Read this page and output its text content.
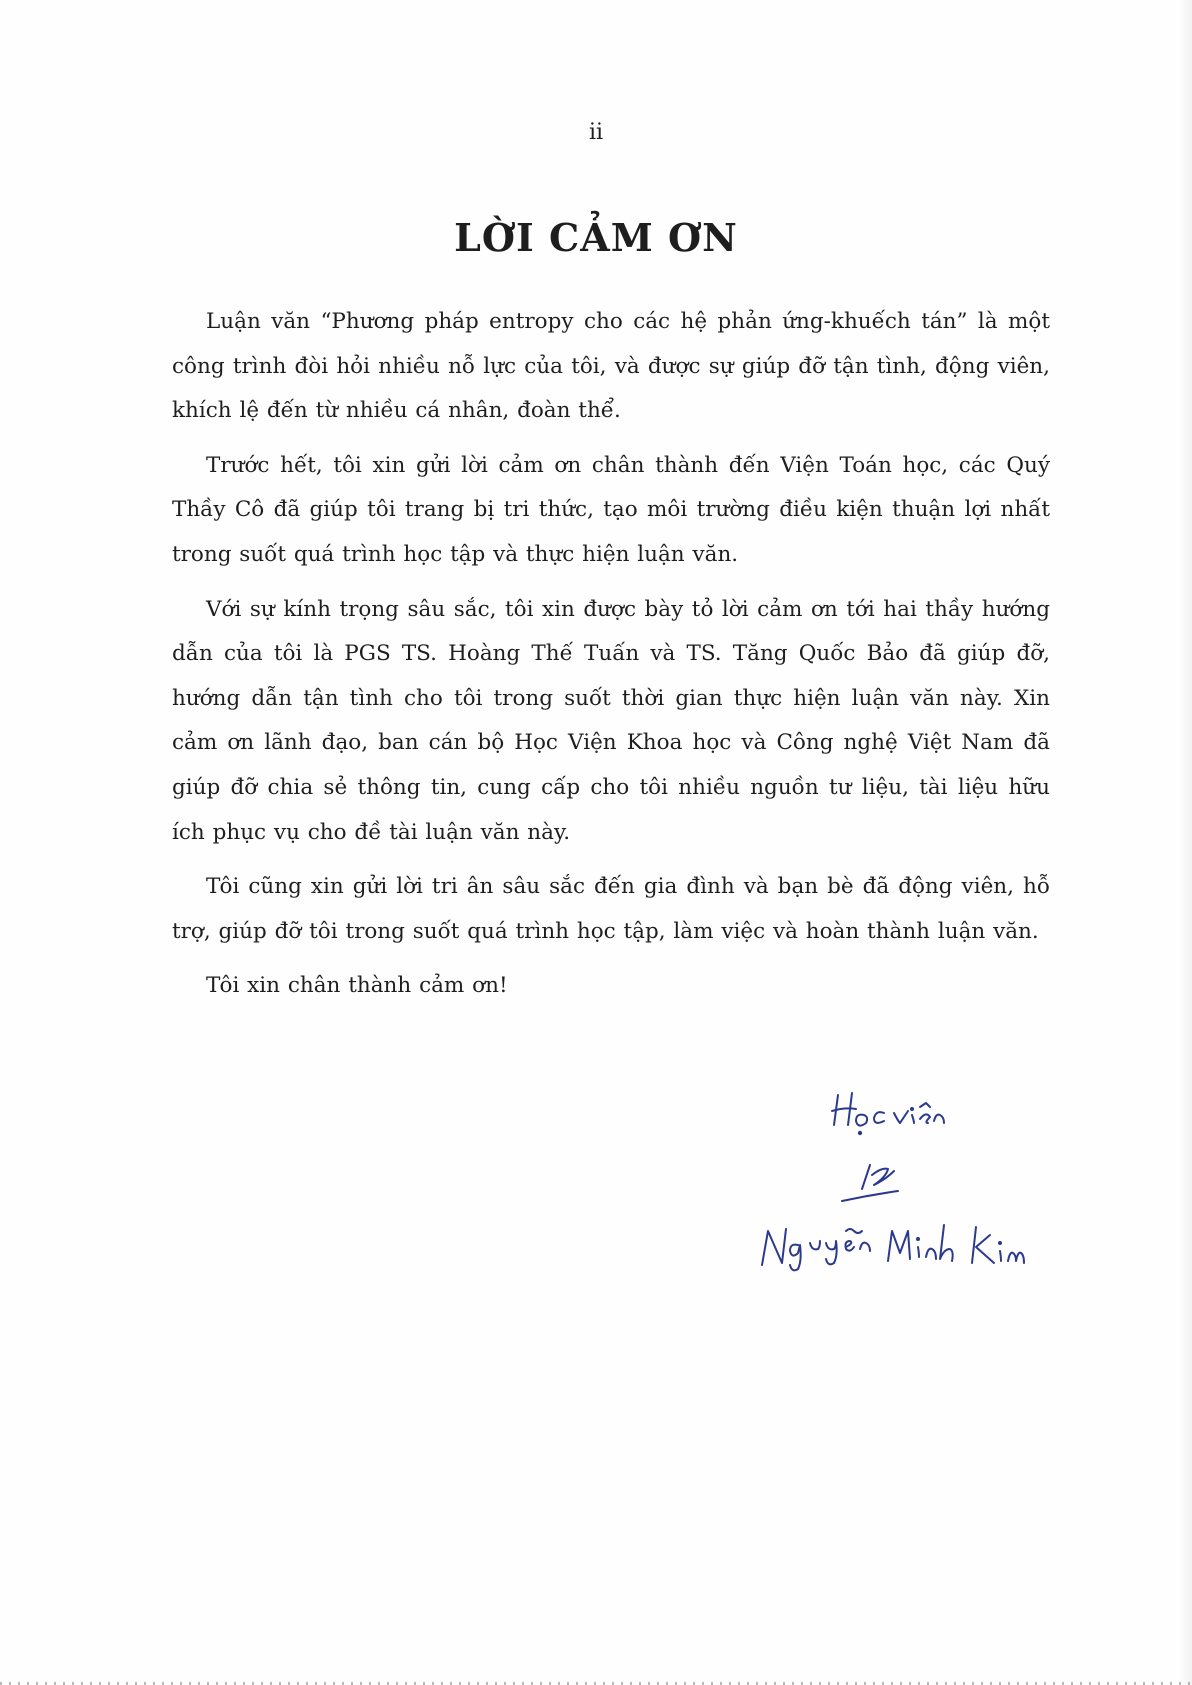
ii
LỜI CẢM ƠN

Luận văn “Phương pháp entropy cho các hệ phản ứng-khuếch tán” là một công trình đòi hỏi nhiều nỗ lực của tôi, và được sự giúp đỡ tận tình, động viên, khích lệ đến từ nhiều cá nhân, đoàn thể.

Trước hết, tôi xin gửi lời cảm ơn chân thành đến Viện Toán học, các Quý Thầy Cô đã giúp tôi trang bị tri thức, tạo môi trường điều kiện thuận lợi nhất trong suốt quá trình học tập và thực hiện luận văn.

Với sự kính trọng sâu sắc, tôi xin được bày tỏ lời cảm ơn tới hai thầy hướng dẫn của tôi là PGS TS. Hoàng Thế Tuấn và TS. Tăng Quốc Bảo đã giúp đỡ, hướng dẫn tận tình cho tôi trong suốt thời gian thực hiện luận văn này. Xin cảm ơn lãnh đạo, ban cán bộ Học Viện Khoa học và Công nghệ Việt Nam đã giúp đỡ chia sẻ thông tin, cung cấp cho tôi nhiều nguồn tư liệu, tài liệu hữu ích phục vụ cho đề tài luận văn này.

Tôi cũng xin gửi lời tri ân sâu sắc đến gia đình và bạn bè đã động viên, hỗ trợ, giúp đỡ tôi trong suốt quá trình học tập, làm việc và hoàn thành luận văn.

Tôi xin chân thành cảm ơn!
